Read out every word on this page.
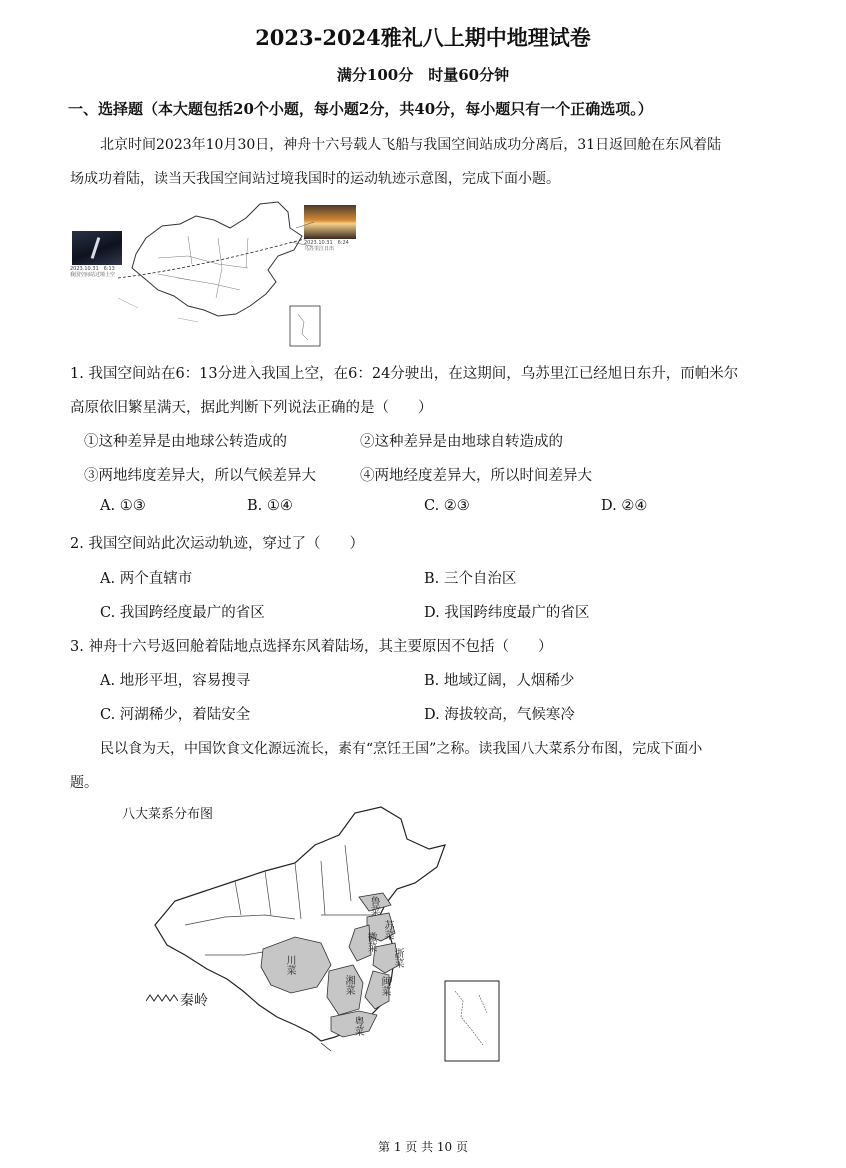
2023-2024雅礼八上期中地理试卷
满分100分　时量60分钟
一、选择题（本大题包括20个小题，每小题2分，共40分，每小题只有一个正确选项。）
北京时间2023年10月30日，神舟十六号载人飞船与我国空间站成功分离后，31日返回舱在东风着陆
场成功着陆，读当天我国空间站过境我国时的运动轨迹示意图，完成下面小题。
2023.10.31　6:13
我国空间站过境上空
2023.10.31　6:24
乌苏里江日出
1. 我国空间站在6：13分进入我国上空，在6：24分驶出，在这期间，乌苏里江已经旭日东升，而帕米尔
高原依旧繁星满天，据此判断下列说法正确的是（　　）
①这种差异是由地球公转造成的	②这种差异是由地球自转造成的
③两地纬度差异大，所以气候差异大	④两地经度差异大，所以时间差异大
A. ①③	B. ①④	C. ②③	D. ②④
2. 我国空间站此次运动轨迹，穿过了（　　）
A. 两个直辖市	B. 三个自治区
C. 我国跨经度最广的省区	D. 我国跨纬度最广的省区
3. 神舟十六号返回舱着陆地点选择东风着陆场，其主要原因不包括（　　）
A. 地形平坦，容易搜寻	B. 地域辽阔，人烟稀少
C. 河湖稀少，着陆安全	D. 海拔较高，气候寒冷
民以食为天，中国饮食文化源远流长，素有“烹饪王国”之称。读我国八大菜系分布图，完成下面小
题。
八大菜系分布图
川菜
湘菜
粤菜
闽菜
浙菜
苏菜
徽菜
鲁菜
秦岭
第 1 页 共 10 页
